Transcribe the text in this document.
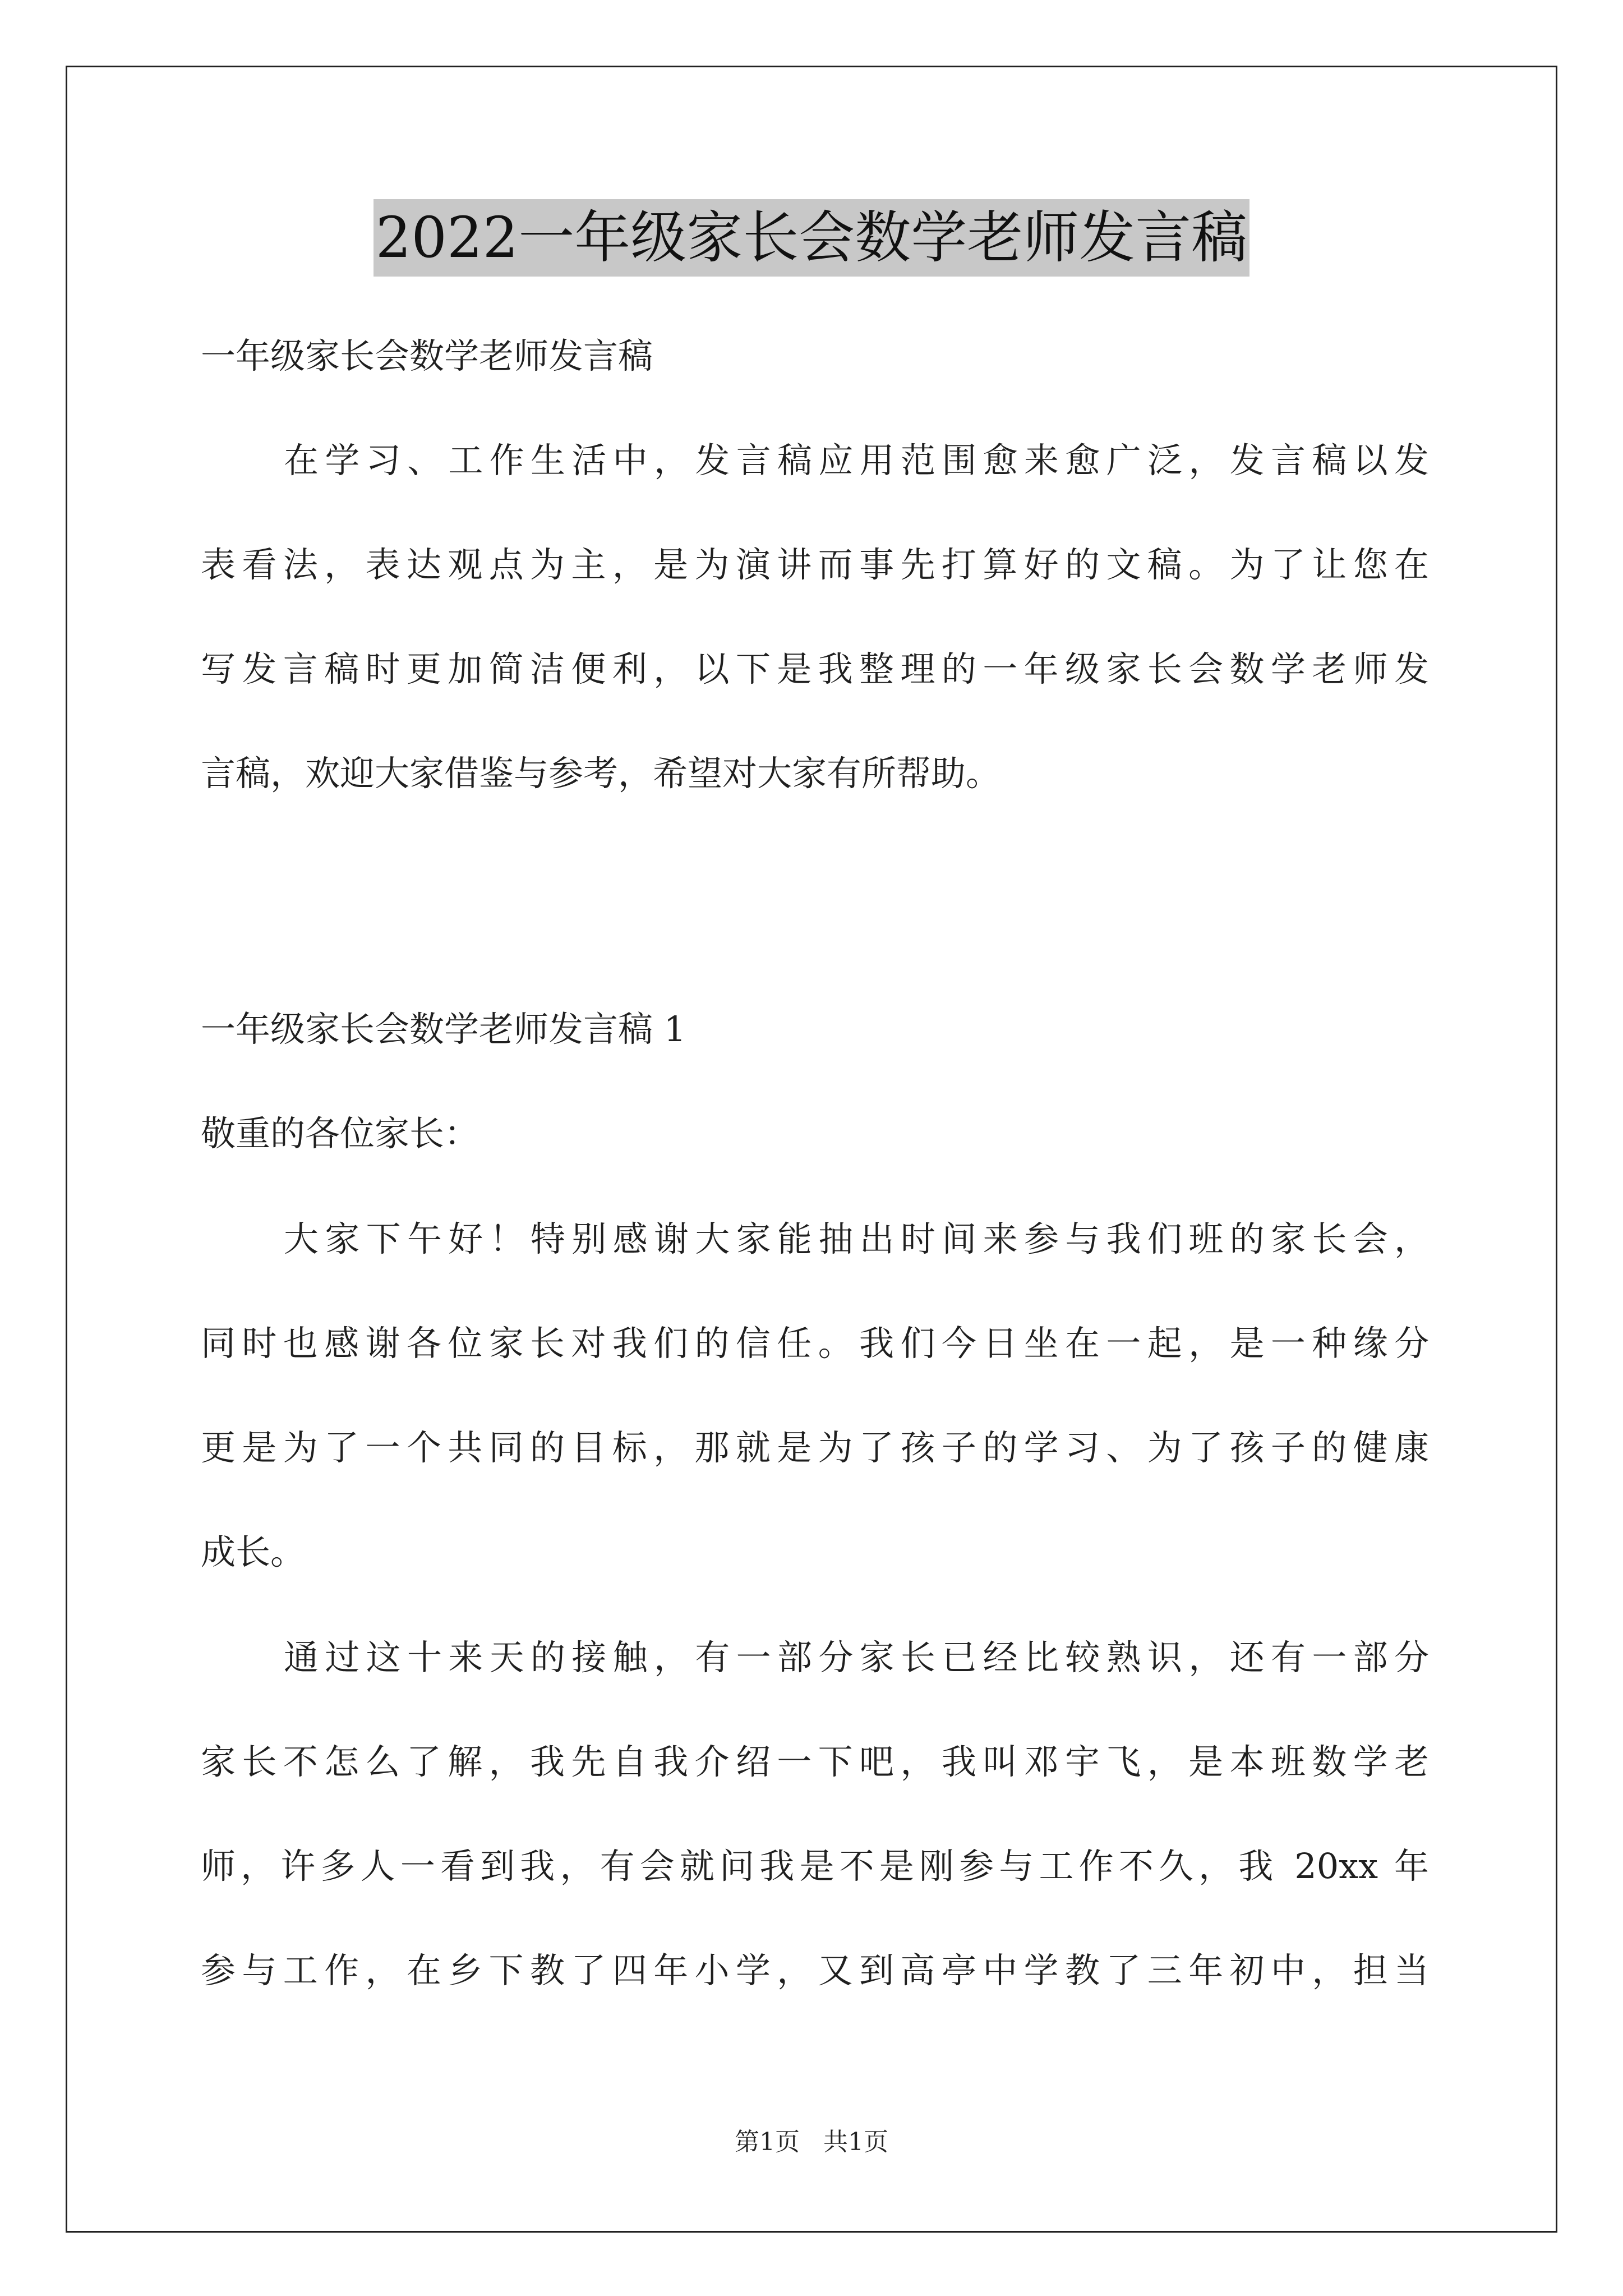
2022一年级家长会数学老师发言稿
一年级家长会数学老师发言稿
在学习、工作生活中，发言稿应用范围愈来愈广泛，发言稿以发
表看法，表达观点为主，是为演讲而事先打算好的文稿。为了让您在
写发言稿时更加简洁便利，以下是我整理的一年级家长会数学老师发
言稿，欢迎大家借鉴与参考，希望对大家有所帮助。
一年级家长会数学老师发言稿 1
敬重的各位家长：
大家下午好！特别感谢大家能抽出时间来参与我们班的家长会，
同时也感谢各位家长对我们的信任。我们今日坐在一起，是一种缘分
更是为了一个共同的目标，那就是为了孩子的学习、为了孩子的健康
成长。
通过这十来天的接触，有一部分家长已经比较熟识，还有一部分
家长不怎么了解，我先自我介绍一下吧，我叫邓宇飞，是本班数学老
师，许多人一看到我，有会就问我是不是刚参与工作不久，我 20xx 年
参与工作，在乡下教了四年小学，又到高亭中学教了三年初中，担当
第1页 共1页
